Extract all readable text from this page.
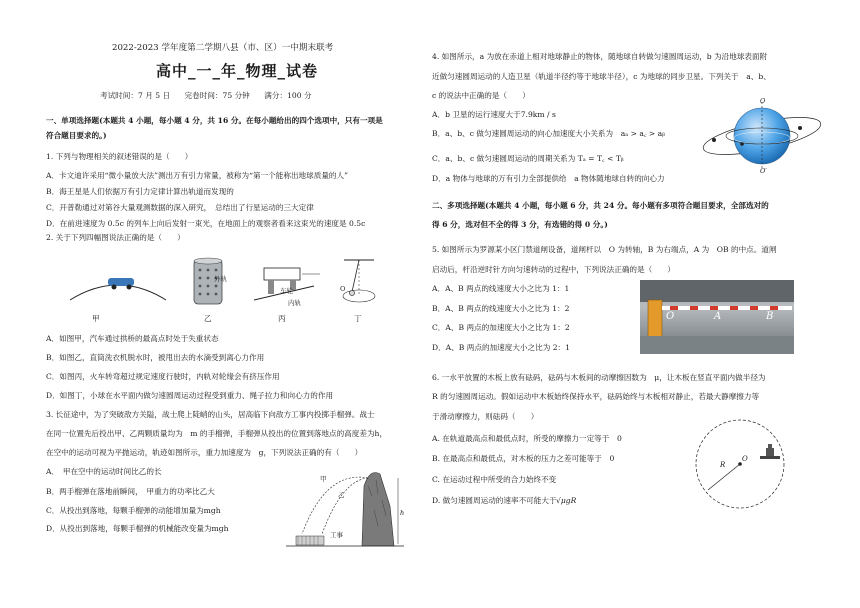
2022-2023 学年度第二学期八县（市、区）一中期末联考
高中_一_年_物理_试卷
考试时间：7 月 5 日      完卷时间：75 分钟      满分：100 分
一、单项选择题(本题共 4 小题，每小题 4 分，共 16 分。在每小题给出的四个选项中，只有一项是
符合题目要求的。)
1. 下列与物理相关的叙述错误的是（　　）
A．卡文迪许采用“微小量放大法”测出万有引力常量，被称为“第一个能称出地球质量的人”
B．海王星是人们依据万有引力定律计算出轨道而发现的
C．开普勒通过对第谷大量观测数据的深入研究，　总结出了行星运动的三大定律
D．在前进速度为 0.5c 的列车上向后发射一束光，在地面上的观察者看来这束光的速度是 0.5c
2. 关于下列四幅图说法正确的是（　　）
外轨
车轮
内轨
O
甲	乙	丙	丁
A．如图甲，汽车通过拱桥的最高点时处于失重状态
B．如图乙，直筒洗衣机脱水时，被甩出去的水滴受到离心力作用
C．如图丙，火车转弯超过规定速度行驶时，内轨对轮缘会有挤压作用
D．如图丁，小球在水平面内做匀速圆周运动过程受到重力、绳子拉力和向心力的作用
3. 长征途中，为了突破敌方关隘，战士爬上陡峭的山头，居高临下向敌方工事内投掷手榴弹。战士
在同一位置先后投出甲、乙两颗质量均为　m 的手榴弹，手榴弹从投出的位置到落地点的高度差为h，
在空中的运动可视为平抛运动，轨迹如图所示，重力加速度为　g，下列说法正确的有（　　）
A．　甲在空中的运动时间比乙的长
B．两手榴弹在落地前瞬间，　甲重力的功率比乙大
C．从投出到落地，每颗手榴弹的动能增加量为mgh
D．从投出到落地，每颗手榴弹的机械能改变量为mgh
甲
乙
h
工事
4. 如图所示，a 为放在赤道上相对地球静止的物体，随地球自转做匀速圆周运动，b 为沿地球表面附
近做匀速圆周运动的人造卫星（轨道半径约等于地球半径），c 为地球的同步卫星。下列关于　a、b、
c 的说法中正确的是（　　）
A．b 卫星的运行速度大于7.9km / s
B．a、b、c 做匀速圆周运动的向心加速度大小关系为　aₐ > a꜀ > aᵦ
C．a、b、c 做匀速圆周运动的周期关系为 Tₐ = T꜀ < Tᵦ
D．a 物体与地球的万有引力全部提供给　a 物体随地球自转的向心力
O
O′
二、多项选择题(本题共 4 小题，每小题 6 分，共 24 分。每小题有多项符合题目要求，全部选对的
得 6 分，选对但不全的得 3 分，有选错的得 0 分。)
5. 如图所示为罗源某小区门禁道闸设备，道闸杆以　O 为转轴，B 为右端点，A 为　OB 的中点。道闸
启动后，杆沿逆时针方向匀速转动的过程中，下列说法正确的是（　　）
A．A、B 两点的线速度大小之比为 1：1
B．A、B 两点的线速度大小之比为 1：2
C．A、B 两点的加速度大小之比为 1：2
D．A、B 两点的加速度大小之比为 2：1
O	A	B
6. 一水平放置的木板上放有砝码，砝码与木板间的动摩擦因数为　μ，让木板在竖直平面内做半径为
R 的匀速圆周运动。假如运动中木板始终保持水平，砝码始终与木板相对静止，若最大静摩擦力等
于滑动摩擦力，则砝码（　　）
A. 在轨道最高点和最低点时，所受的摩擦力一定等于　0
B. 在最高点和最低点，对木板的压力之差可能等于　0
C. 在运动过程中所受的合力始终不变
D. 做匀速圆周运动的速率不可能大于 √μgR
R
O
